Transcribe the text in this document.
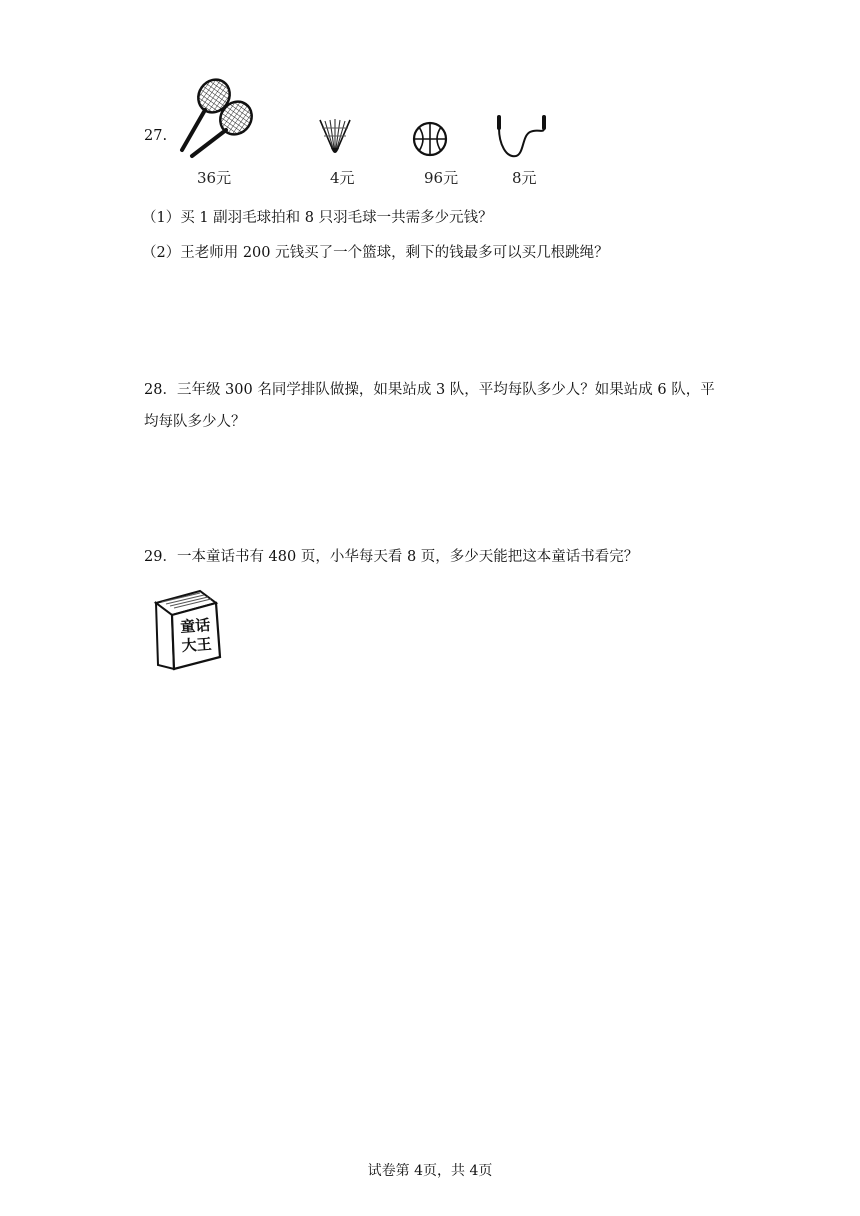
27.
36元	4元	96元	8元
（1）买 1 副羽毛球拍和 8 只羽毛球一共需多少元钱？
（2）王老师用 200 元钱买了一个篮球，剩下的钱最多可以买几根跳绳？
28．三年级 300 名同学排队做操，如果站成 3 队，平均每队多少人？如果站成 6 队，平
均每队多少人？
29．一本童话书有 480 页，小华每天看 8 页，多少天能把这本童话书看完？
童话
大王
试卷第 4页，共 4页
